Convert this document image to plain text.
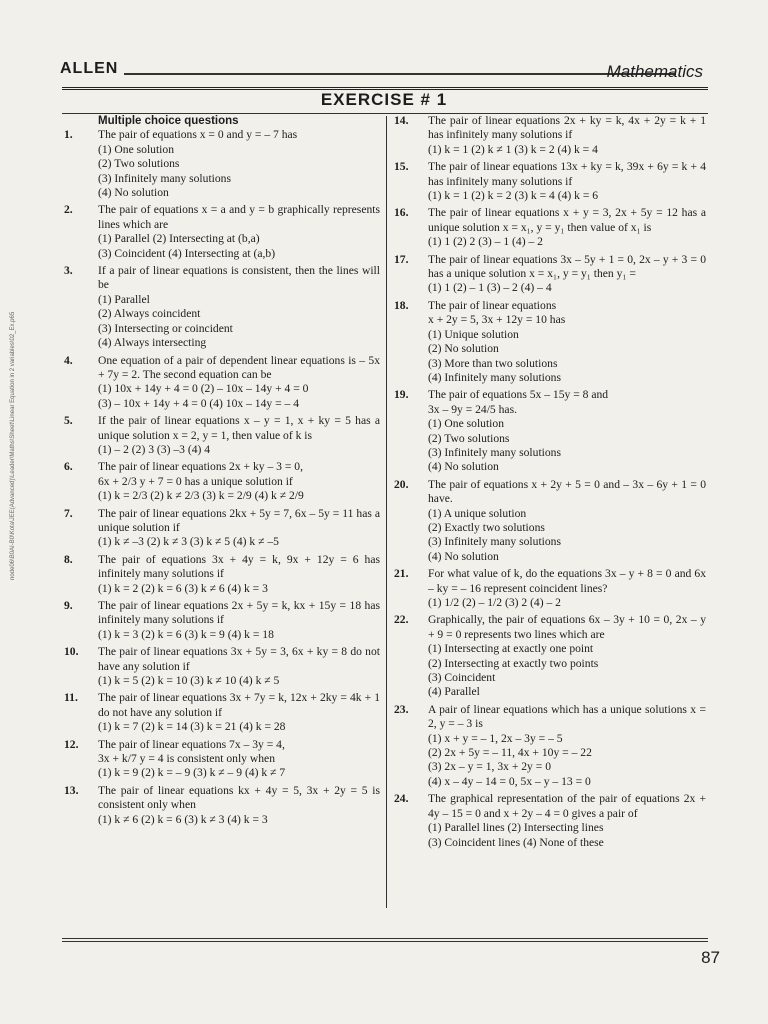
ALLEN	Mathematics
EXERCISE # 1
node06\B0AI-B0\Kota\JEE(Advanced)\Leader\Maths\Sheet\Linear Equation in 2 variables\02_Ex.p65
Multiple choice questions
1. The pair of equations x = 0 and y = – 7 has
(1) One solution
(2) Two solutions
(3) Infinitely many solutions
(4) No solution
2. The pair of equations x = a and y = b graphically represents lines which are
(1) Parallel (2) Intersecting at (b,a)
(3) Coincident (4) Intersecting at (a,b)
3. If a pair of linear equations is consistent, then the lines will be
(1) Parallel
(2) Always coincident
(3) Intersecting or coincident
(4) Always intersecting
4. One equation of a pair of dependent linear equations is – 5x + 7y = 2. The second equation can be
(1) 10x + 14y + 4 = 0 (2) – 10x – 14y + 4 = 0
(3) – 10x + 14y + 4 = 0 (4) 10x – 14y = – 4
5. If the pair of linear equations x – y = 1, x + ky = 5 has a unique solution x = 2, y = 1, then value of k is
(1) – 2 (2) 3 (3) –3 (4) 4
6. The pair of linear equations 2x + ky – 3 = 0,
6x + 2/3 y + 7 = 0 has a unique solution if
(1) k = 2/3 (2) k ≠ 2/3 (3) k = 2/9 (4) k ≠ 2/9
7. The pair of linear equations 2kx + 5y = 7, 6x – 5y = 11 has a unique solution if
(1) k ≠ –3 (2) k ≠ 3 (3) k ≠ 5 (4) k ≠ –5
8. The pair of equations 3x + 4y = k, 9x + 12y = 6 has infinitely many solutions if
(1) k = 2 (2) k = 6 (3) k ≠ 6 (4) k = 3
9. The pair of linear equations 2x + 5y = k, kx + 15y = 18 has infinitely many solutions if
(1) k = 3 (2) k = 6 (3) k = 9 (4) k = 18
10. The pair of linear equations 3x + 5y = 3, 6x + ky = 8 do not have any solution if
(1) k = 5 (2) k = 10 (3) k ≠ 10 (4) k ≠ 5
11. The pair of linear equations 3x + 7y = k, 12x + 2ky = 4k + 1 do not have any solution if
(1) k = 7 (2) k = 14 (3) k = 21 (4) k = 28
12. The pair of linear equations 7x – 3y = 4,
3x + k/7 y = 4 is consistent only when
(1) k = 9 (2) k = – 9 (3) k ≠ – 9 (4) k ≠ 7
13. The pair of linear equations kx + 4y = 5, 3x + 2y = 5 is consistent only when
(1) k ≠ 6 (2) k = 6 (3) k ≠ 3 (4) k = 3
14. The pair of linear equations 2x + ky = k, 4x + 2y = k + 1 has infinitely many solutions if
(1) k = 1 (2) k ≠ 1 (3) k = 2 (4) k = 4
15. The pair of linear equations 13x + ky = k, 39x + 6y = k + 4 has infinitely many solutions if
(1) k = 1 (2) k = 2 (3) k = 4 (4) k = 6
16. The pair of linear equations x + y = 3, 2x + 5y = 12 has a unique solution x = x₁, y = y₁ then value of x₁ is
(1) 1 (2) 2 (3) – 1 (4) – 2
17. The pair of linear equations 3x – 5y + 1 = 0, 2x – y + 3 = 0 has a unique solution x = x₁, y = y₁ then y₁ =
(1) 1 (2) – 1 (3) – 2 (4) – 4
18. The pair of linear equations
x + 2y = 5, 3x + 12y = 10 has
(1) Unique solution
(2) No solution
(3) More than two solutions
(4) Infinitely many solutions
19. The pair of equations 5x – 15y = 8 and
3x – 9y = 24/5 has.
(1) One solution
(2) Two solutions
(3) Infinitely many solutions
(4) No solution
20. The pair of equations x + 2y + 5 = 0 and – 3x – 6y + 1 = 0 have.
(1) A unique solution
(2) Exactly two solutions
(3) Infinitely many solutions
(4) No solution
21. For what value of k, do the equations 3x – y + 8 = 0 and 6x – ky = – 16 represent coincident lines?
(1) 1/2 (2) – 1/2 (3) 2 (4) – 2
22. Graphically, the pair of equations 6x – 3y + 10 = 0, 2x – y + 9 = 0 represents two lines which are
(1) Intersecting at exactly one point
(2) Intersecting at exactly two points
(3) Coincident
(4) Parallel
23. A pair of linear equations which has a unique solutions x = 2, y = – 3 is
(1) x + y = – 1, 2x – 3y = – 5
(2) 2x + 5y = – 11, 4x + 10y = – 22
(3) 2x – y = 1, 3x + 2y = 0
(4) x – 4y – 14 = 0, 5x – y – 13 = 0
24. The graphical representation of the pair of equations 2x + 4y – 15 = 0 and x + 2y – 4 = 0 gives a pair of
(1) Parallel lines (2) Intersecting lines
(3) Coincident lines (4) None of these
87
